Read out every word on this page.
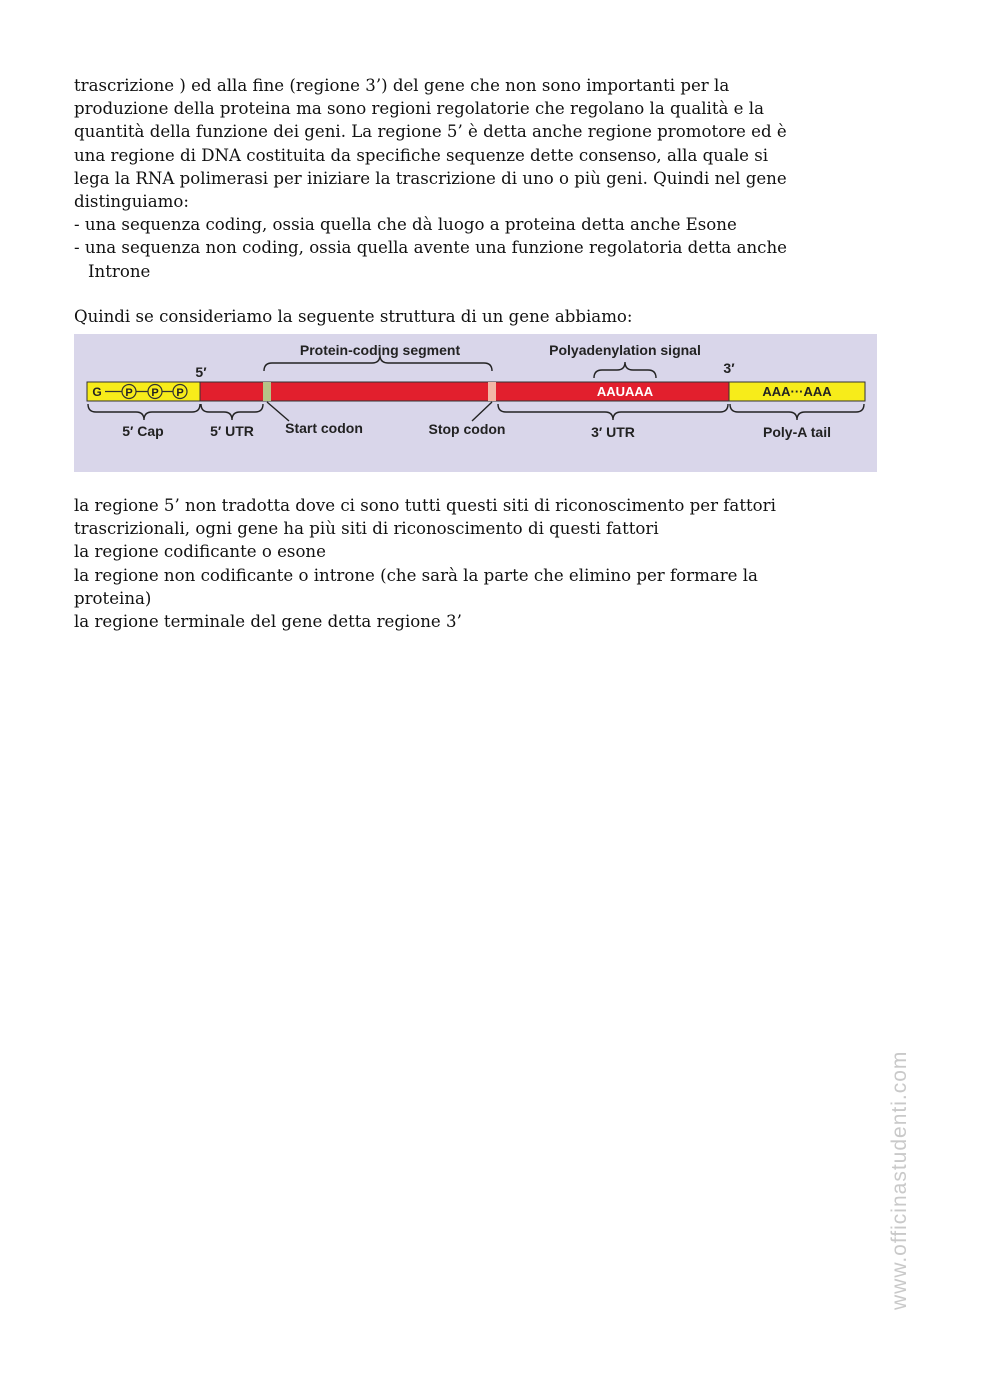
trascrizione ) ed alla fine (regione 3’) del gene che non sono importanti per la
produzione della proteina ma sono regioni regolatorie che regolano la qualità e la
quantità della funzione dei geni. La regione 5’ è detta anche regione promotore ed è
una regione di DNA costituita da specifiche sequenze dette consenso, alla quale si
lega la RNA polimerasi per iniziare la trascrizione di uno o più geni. Quindi nel gene
distinguiamo:
- una sequenza coding, ossia quella che dà luogo a proteina detta anche Esone
- una sequenza non coding, ossia quella avente una funzione regolatoria detta anche
Introne
Quindi se consideriamo la seguente struttura di un gene abbiamo:
5′
Protein-coding segment	Polyadenylation signal
3′
G P P P	AAUAAA	AAA···AAA
5′ Cap	5′ UTR Start codon	Stop codon	3′ UTR	Poly-A tail
la regione 5’ non tradotta dove ci sono tutti questi siti di riconoscimento per fattori
trascrizionali, ogni gene ha più siti di riconoscimento di questi fattori
la regione codificante o esone
la regione non codificante o introne (che sarà la parte che elimino per formare la
proteina)
la regione terminale del gene detta regione 3’
www.officinastudenti.com
